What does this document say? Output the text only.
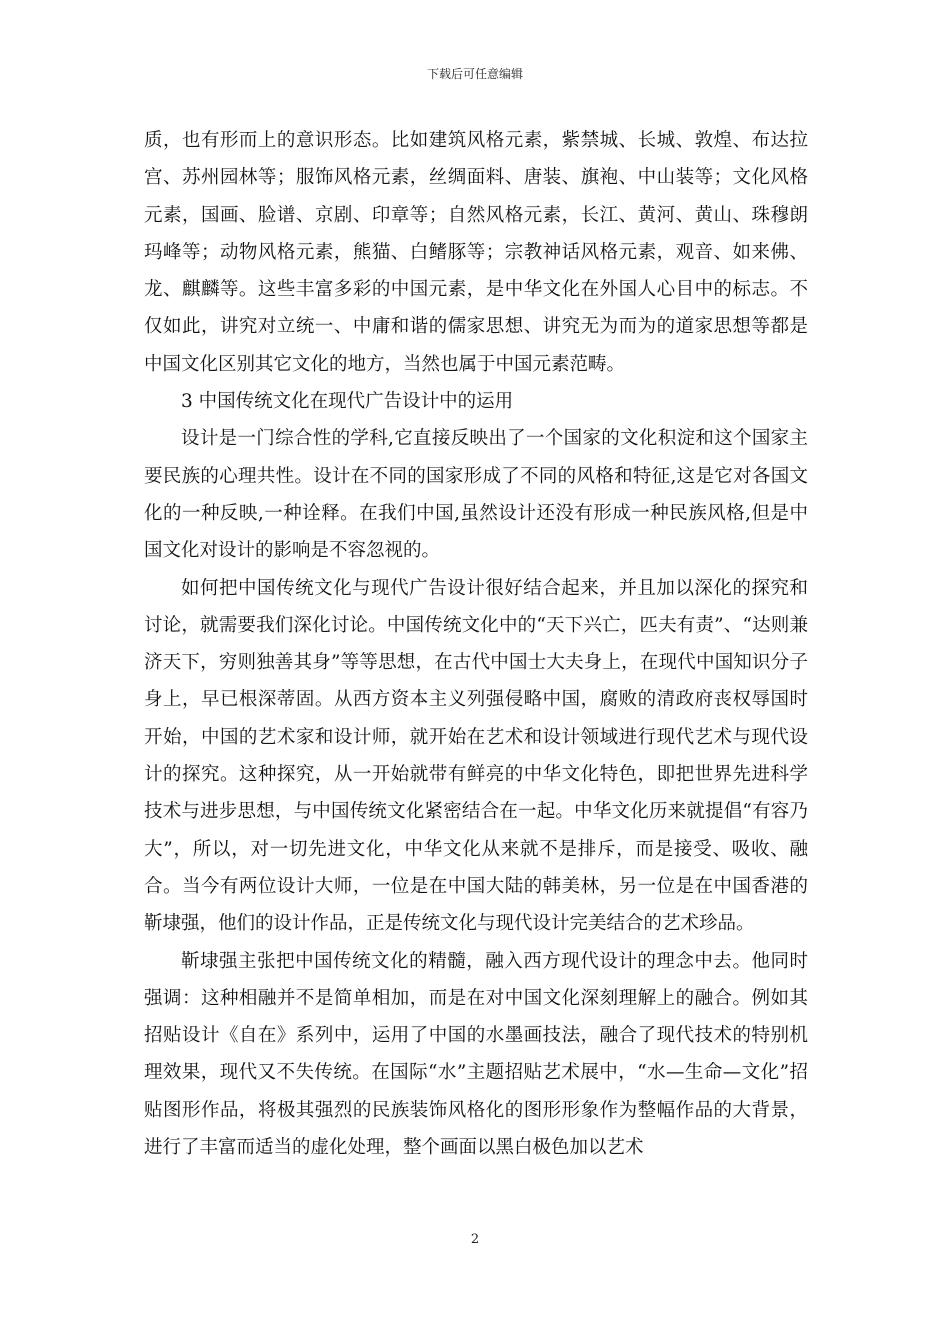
下载后可任意编辑

质，也有形而上的意识形态。比如建筑风格元素，紫禁城、长城、敦煌、布达拉宫、苏州园林等；服饰风格元素，丝绸面料、唐装、旗袍、中山装等；文化风格元素，国画、脸谱、京剧、印章等；自然风格元素，长江、黄河、黄山、珠穆朗玛峰等；动物风格元素，熊猫、白鳍豚等；宗教神话风格元素，观音、如来佛、龙、麒麟等。这些丰富多彩的中国元素，是中华文化在外国人心目中的标志。不仅如此，讲究对立统一、中庸和谐的儒家思想、讲究无为而为的道家思想等都是中国文化区别其它文化的地方，当然也属于中国元素范畴。

3 中国传统文化在现代广告设计中的运用

设计是一门综合性的学科,它直接反映出了一个国家的文化积淀和这个国家主要民族的心理共性。设计在不同的国家形成了不同的风格和特征,这是它对各国文化的一种反映,一种诠释。在我们中国,虽然设计还没有形成一种民族风格,但是中国文化对设计的影响是不容忽视的。

如何把中国传统文化与现代广告设计很好结合起来，并且加以深化的探究和讨论，就需要我们深化讨论。中国传统文化中的“天下兴亡，匹夫有责”、“达则兼济天下，穷则独善其身”等等思想，在古代中国士大夫身上，在现代中国知识分子身上，早已根深蒂固。从西方资本主义列强侵略中国，腐败的清政府丧权辱国时开始，中国的艺术家和设计师，就开始在艺术和设计领域进行现代艺术与现代设计的探究。这种探究，从一开始就带有鲜亮的中华文化特色，即把世界先进科学技术与进步思想，与中国传统文化紧密结合在一起。中华文化历来就提倡“有容乃大”，所以，对一切先进文化，中华文化从来就不是排斥，而是接受、吸收、融合。当今有两位设计大师，一位是在中国大陆的韩美林，另一位是在中国香港的靳埭强，他们的设计作品，正是传统文化与现代设计完美结合的艺术珍品。

靳埭强主张把中国传统文化的精髓，融入西方现代设计的理念中去。他同时强调：这种相融并不是简单相加，而是在对中国文化深刻理解上的融合。例如其招贴设计《自在》系列中，运用了中国的水墨画技法，融合了现代技术的特别机理效果，现代又不失传统。在国际“水”主题招贴艺术展中，“水—生命—文化”招贴图形作品，将极其强烈的民族装饰风格化的图形形象作为整幅作品的大背景，进行了丰富而适当的虚化处理，整个画面以黑白极色加以艺术

2
